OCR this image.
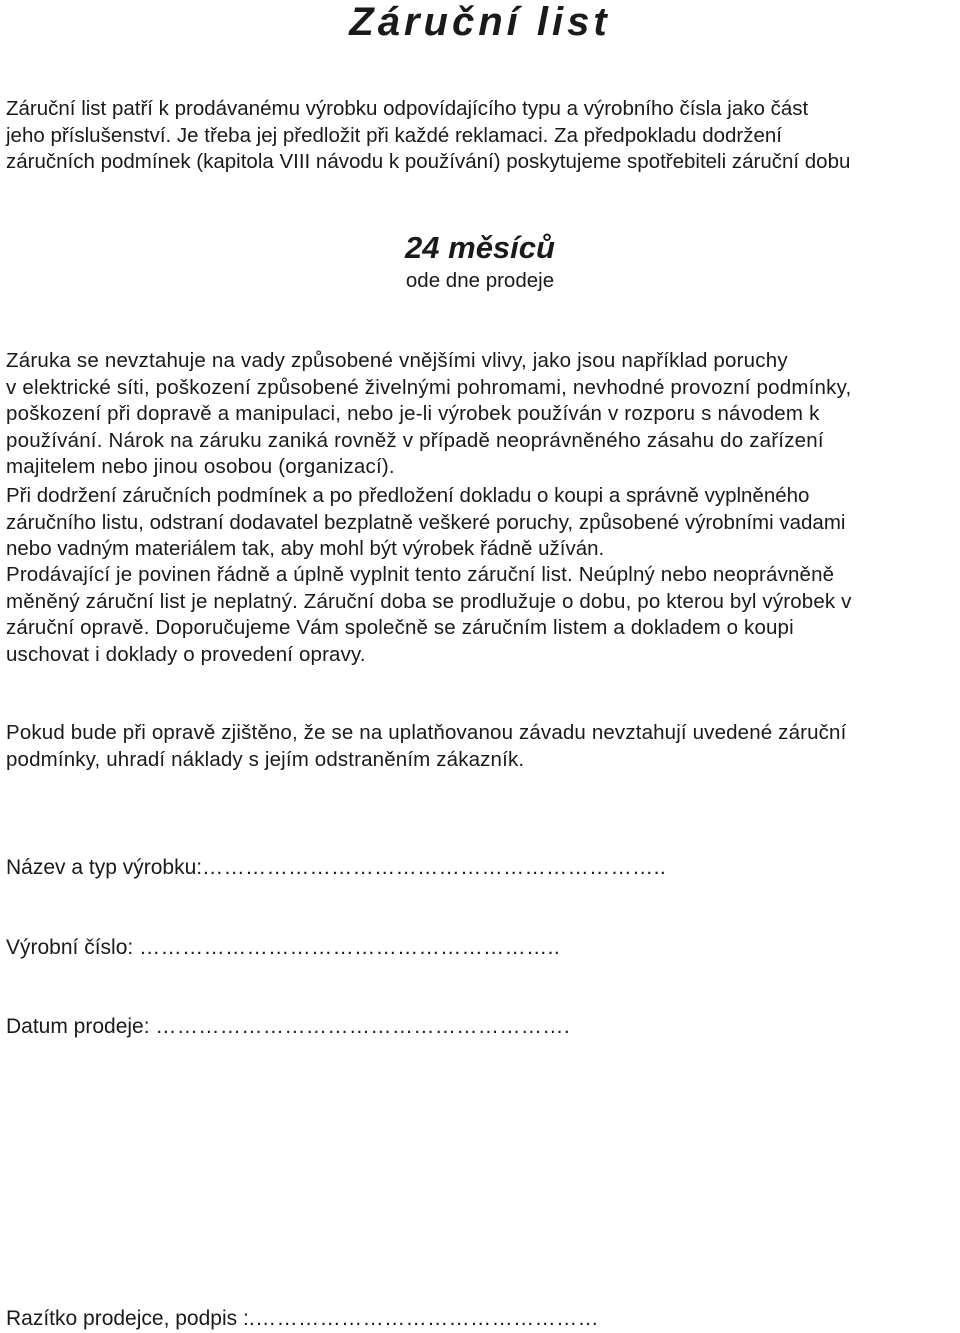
Záruční list

Záruční list patří k prodávanému výrobku odpovídajícího typu a výrobního čísla jako část
jeho příslušenství. Je třeba jej předložit při každé reklamaci. Za předpokladu dodržení
záručních podmínek (kapitola VIII návodu k používání) poskytujeme spotřebiteli záruční dobu

24 měsíců
ode dne prodeje

Záruka se nevztahuje na vady způsobené vnějšími vlivy, jako jsou například poruchy
v elektrické síti, poškození způsobené živelnými pohromami, nevhodné provozní podmínky,
poškození při dopravě a manipulaci, nebo je-li výrobek používán v rozporu s návodem k
používání. Nárok na záruku zaniká rovněž v případě neoprávněného zásahu do zařízení
majitelem nebo jinou osobou (organizací).

Při dodržení záručních podmínek a po předložení dokladu o koupi a správně vyplněného
záručního listu, odstraní dodavatel bezplatně veškeré poruchy, způsobené výrobními vadami
nebo vadným materiálem tak, aby mohl být výrobek řádně užíván.

Prodávající je povinen řádně a úplně vyplnit tento záruční list. Neúplný nebo neoprávněně
měněný záruční list je neplatný. Záruční doba se prodlužuje o dobu, po kterou byl výrobek v
záruční opravě. Doporučujeme Vám společně se záručním listem a dokladem o koupi
uschovat i doklady o provedení opravy.

Pokud bude při opravě zjištěno, že se na uplatňovanou závadu nevztahují uvedené záruční
podmínky, uhradí náklady s jejím odstraněním zákazník.

Název a typ výrobku:………………………………………………………..
Výrobní číslo: …………………………………………………..
Datum prodeje: ………………………………………………….
Razítko prodejce, podpis :.…………………………………………
